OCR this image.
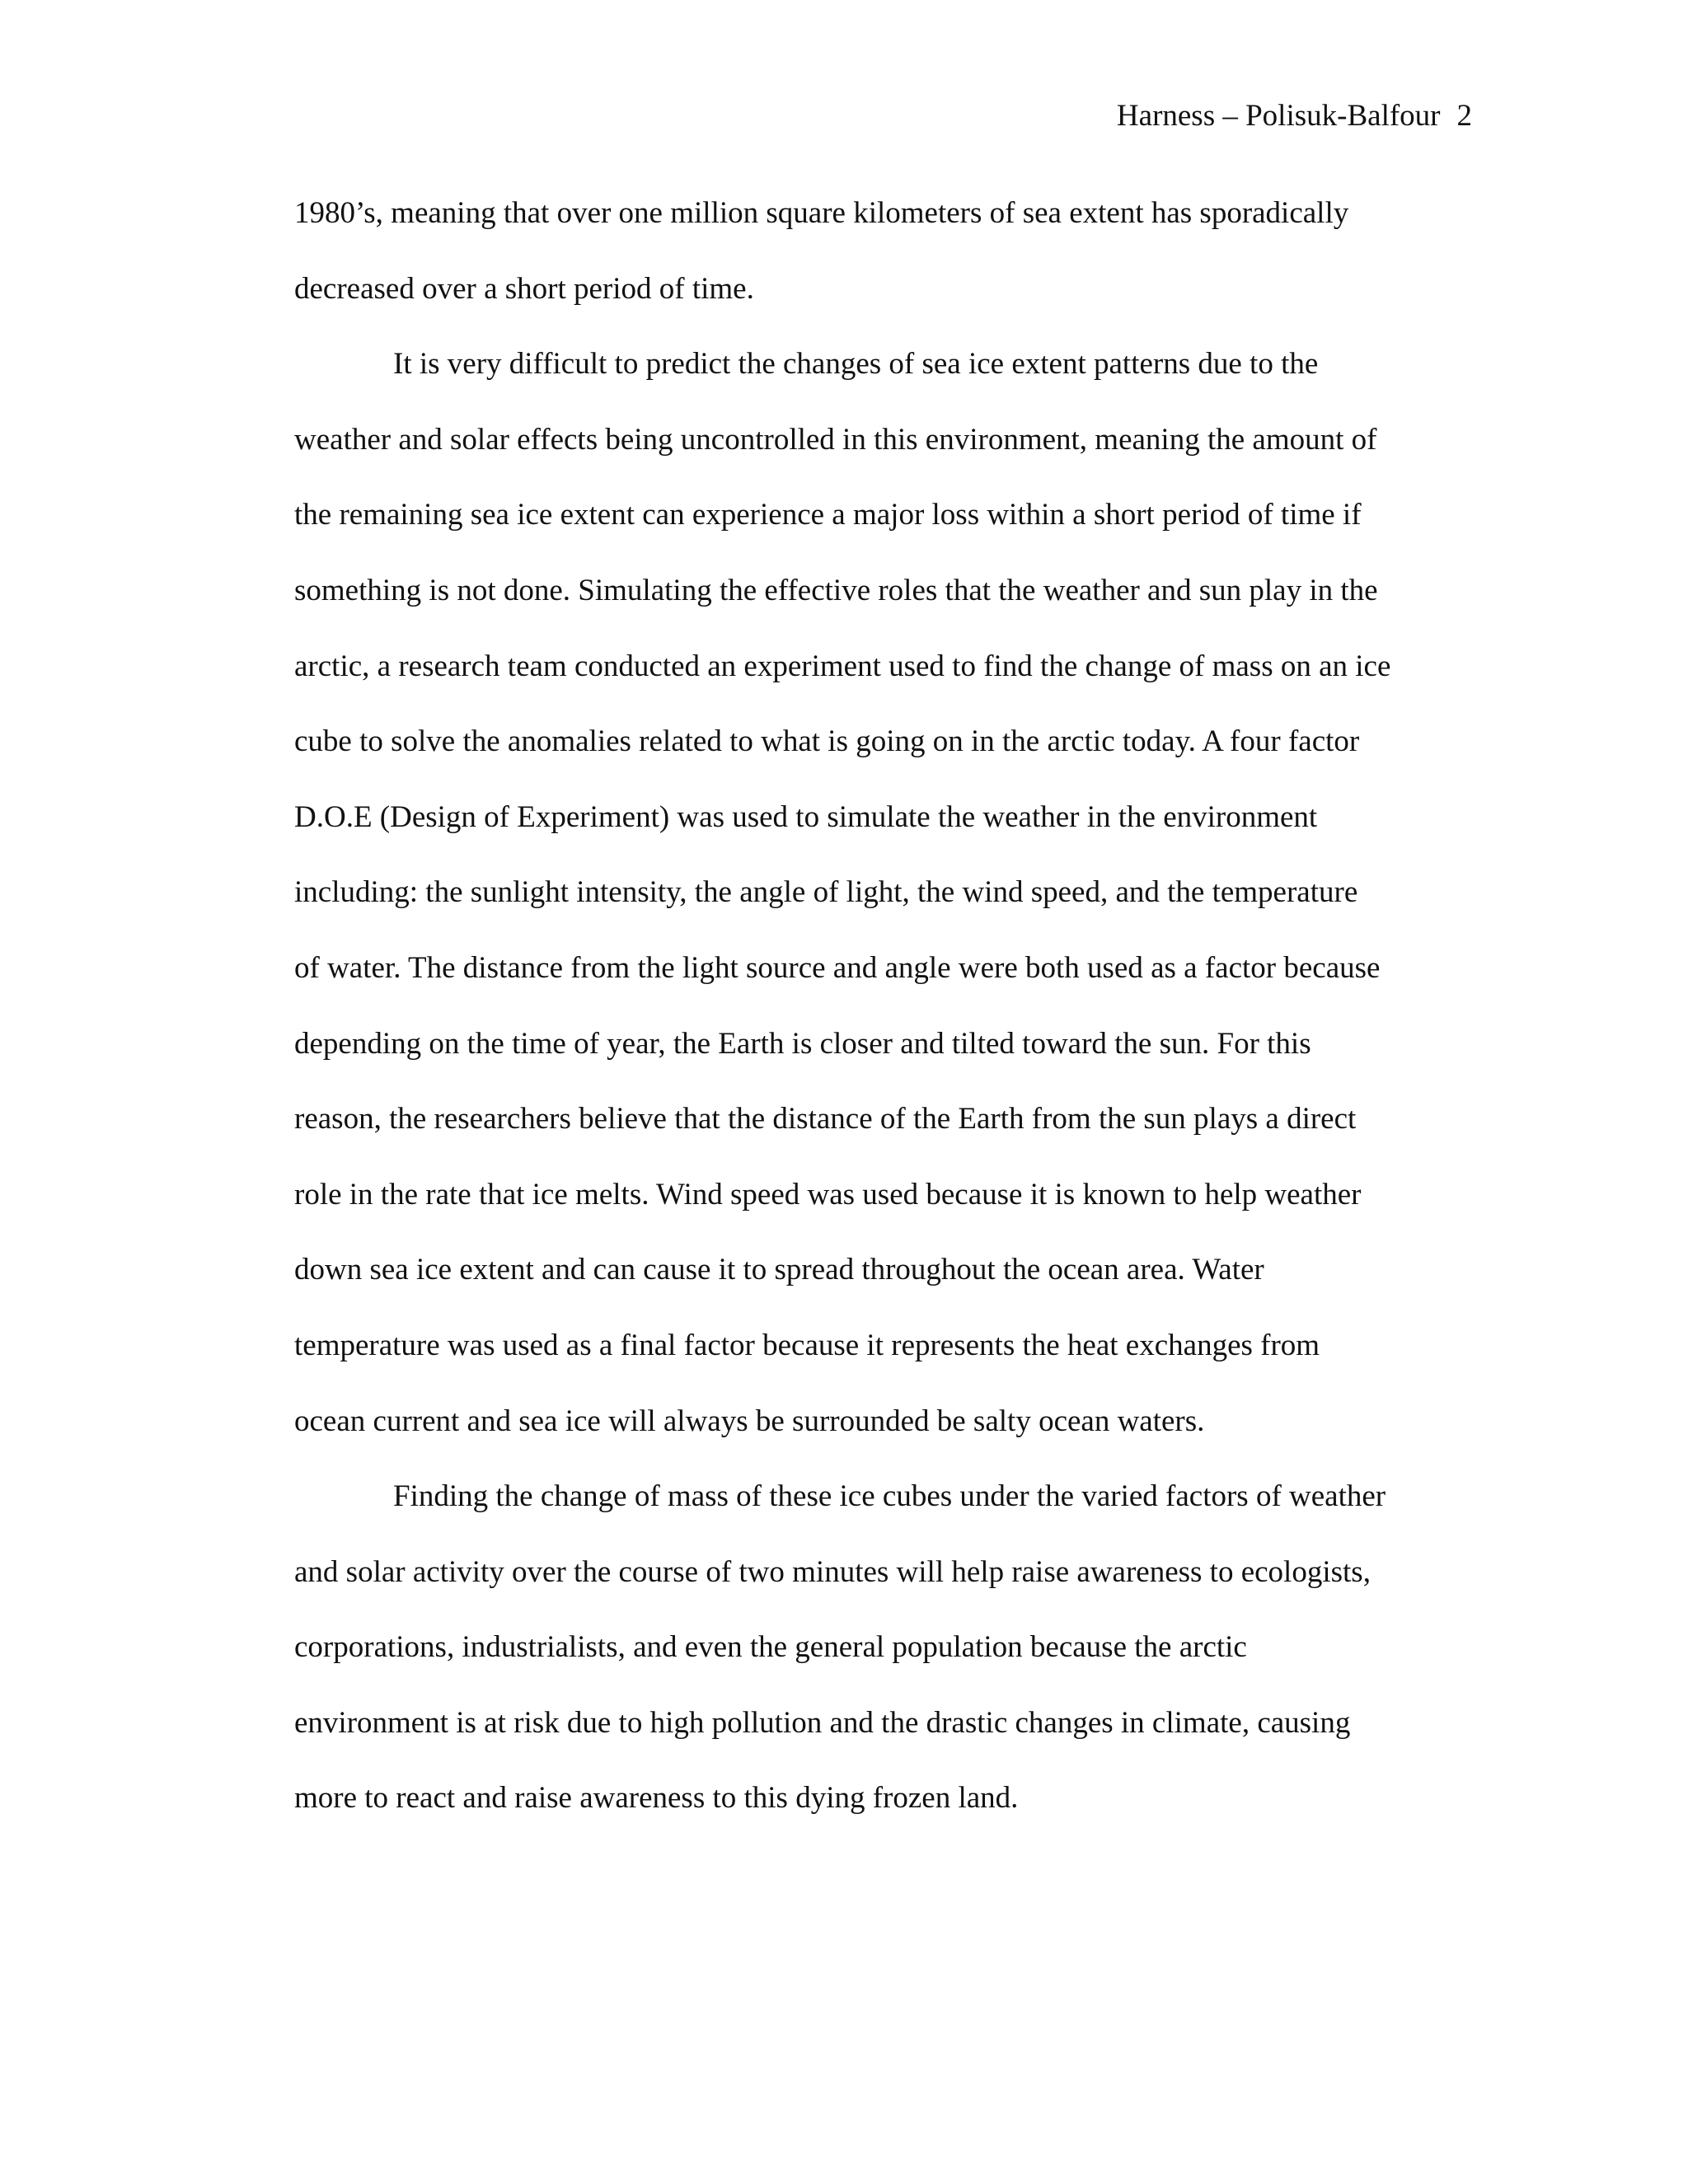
Harness – Polisuk-Balfour 2
1980’s, meaning that over one million square kilometers of sea extent has sporadically
decreased over a short period of time.
It is very difficult to predict the changes of sea ice extent patterns due to the
weather and solar effects being uncontrolled in this environment, meaning the amount of
the remaining sea ice extent can experience a major loss within a short period of time if
something is not done. Simulating the effective roles that the weather and sun play in the
arctic, a research team conducted an experiment used to find the change of mass on an ice
cube to solve the anomalies related to what is going on in the arctic today. A four factor
D.O.E (Design of Experiment) was used to simulate the weather in the environment
including: the sunlight intensity, the angle of light, the wind speed, and the temperature
of water. The distance from the light source and angle were both used as a factor because
depending on the time of year, the Earth is closer and tilted toward the sun. For this
reason, the researchers believe that the distance of the Earth from the sun plays a direct
role in the rate that ice melts. Wind speed was used because it is known to help weather
down sea ice extent and can cause it to spread throughout the ocean area. Water
temperature was used as a final factor because it represents the heat exchanges from
ocean current and sea ice will always be surrounded be salty ocean waters.
Finding the change of mass of these ice cubes under the varied factors of weather
and solar activity over the course of two minutes will help raise awareness to ecologists,
corporations, industrialists, and even the general population because the arctic
environment is at risk due to high pollution and the drastic changes in climate, causing
more to react and raise awareness to this dying frozen land.
